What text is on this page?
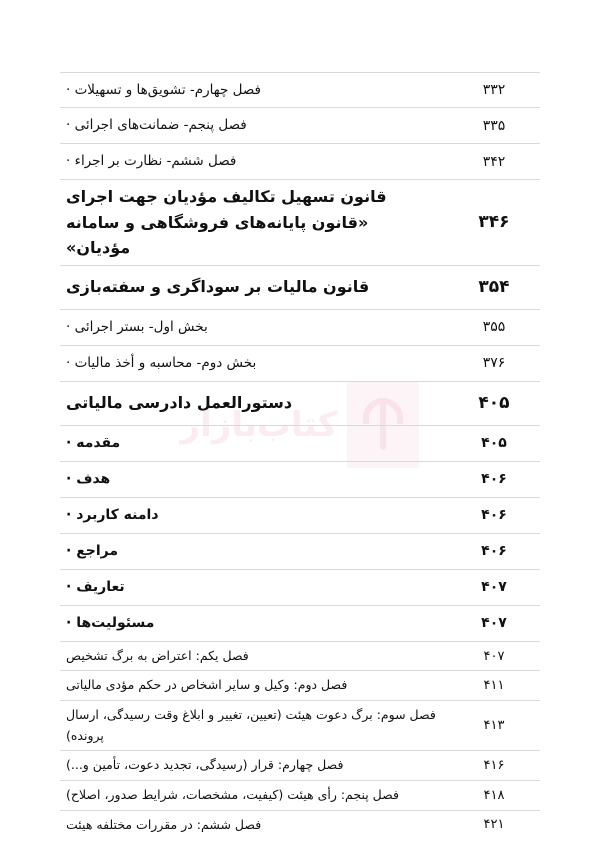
کتاب‌بازار
۳۳۲
فصل چهارم- تشویق‌ها و تسهیلات ·
۳۳۵
فصل پنجم- ضمانت‌های اجرائی ·
۳۴۲
فصل ششم- نظارت بر اجراء ·
۳۴۶
قانون تسهیل تکالیف مؤدیان جهت اجرای «قانون پایانه‌های فروشگاهی و سامانه مؤدیان»
۳۵۴
قانون مالیات بر سوداگری و سفته‌بازی
۳۵۵
بخش اول- بستر اجرائی ·
۳۷۶
بخش دوم- محاسبه و أخذ مالیات ·
۴۰۵
دستورالعمل دادرسی مالیاتی
۴۰۵
مقدمه ·
۴۰۶
هدف ·
۴۰۶
دامنه کاربرد ·
۴۰۶
مراجع ·
۴۰۷
تعاریف ·
۴۰۷
مسئولیت‌ها ·
۴۰۷
فصل یکم: اعتراض به برگ تشخیص
۴۱۱
فصل دوم: وکیل و سایر اشخاص در حکم مؤدی مالیاتی
۴۱۳
فصل سوم: برگ دعوت هیئت (تعیین، تغییر و ابلاغ وقت رسیدگی، ارسال پرونده)
۴۱۶
فصل چهارم: قرار (رسیدگی، تجدید دعوت، تأمین و...)
۴۱۸
فصل پنجم: رأی هیئت (کیفیت، مشخصات، شرایط صدور، اصلاح)
۴۲۱
فصل ششم: در مقررات مختلفه هیئت
